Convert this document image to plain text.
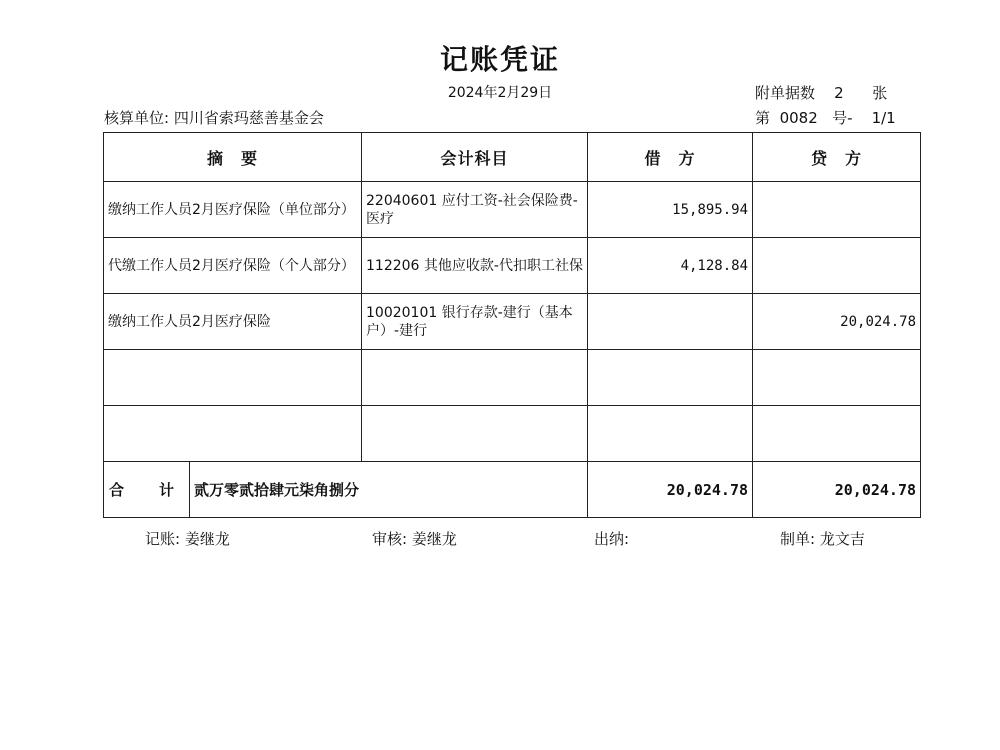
记账凭证
2024年2月29日	附单据数 2 张
核算单位: 四川省索玛慈善基金会	第 0082 号- 1/1
摘　要		会计科目	借　方	贷　方
缴纳工作人员2月医疗保险（单位部分）		22040601 应付工资-社会保险费-医疗	15,895.94	
代缴工作人员2月医疗保险（个人部分）		112206 其他应收款-代扣职工社保	4,128.84	
缴纳工作人员2月医疗保险		10020101 银行存款-建行（基本户）-建行		20,024.78

合　计	贰万零贰拾肆元柒角捌分		20,024.78	20,024.78
记账: 姜继龙	审核: 姜继龙	出纳:	制单: 龙文吉
